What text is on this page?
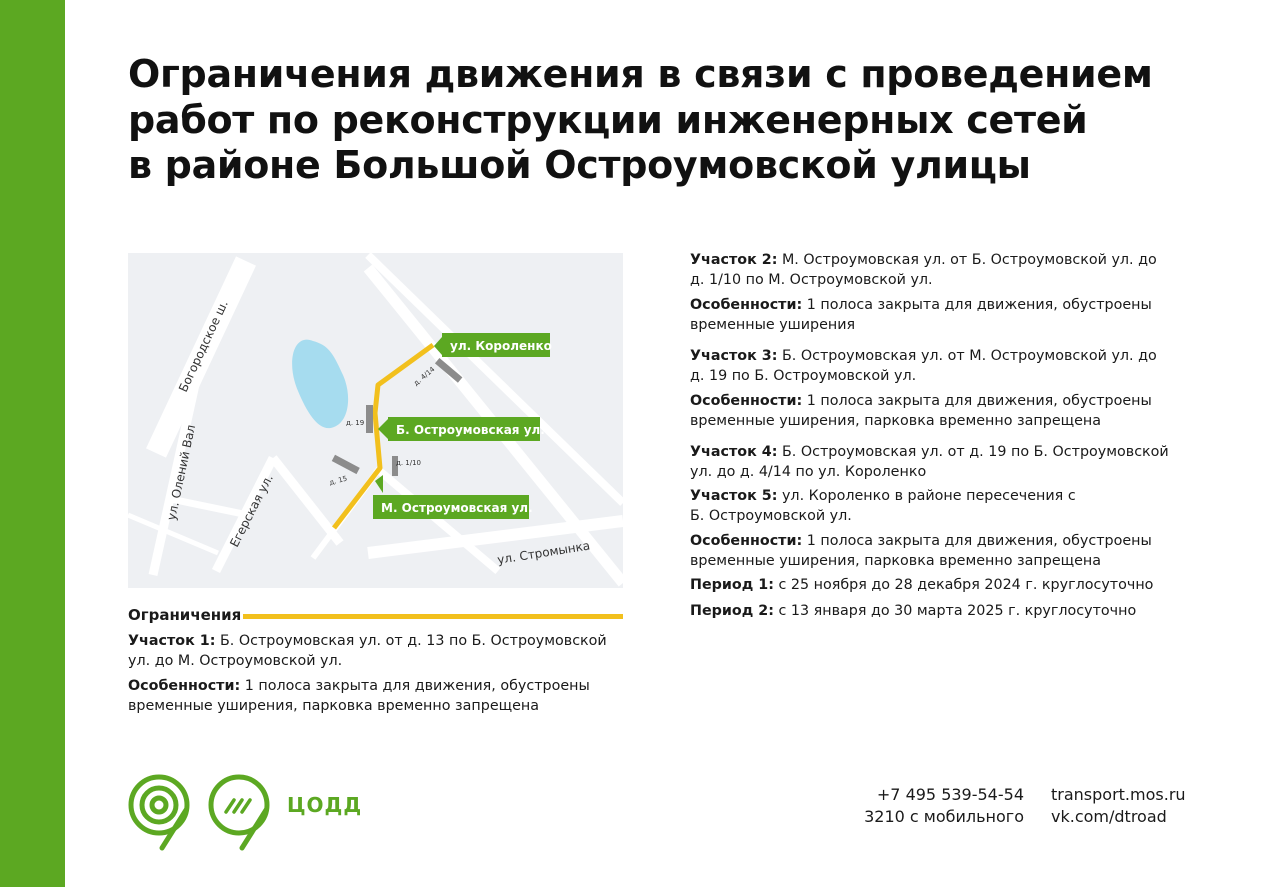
Ограничения движения в связи с проведением
работ по реконструкции инженерных сетей
в районе Большой Остроумовской улицы
Богородское ш.
ул. Олений Вал Егерская ул.
ул. Стромынка
д. 4/14
д. 19
д. 1/10
д. 15
ул. Короленко
Б. Остроумовская ул.
М. Остроумовская ул.
Ограничения

Участок 1: Б. Остроумовская ул. от д. 13 по Б. Остроумовской ул. до М. Остроумовской ул.

Особенности: 1 полоса закрыта для движения, обустроены временные уширения, парковка временно запрещена

Участок 2: М. Остроумовская ул. от Б. Остроумовской ул. до д. 1/10 по М. Остроумовской ул.

Особенности: 1 полоса закрыта для движения, обустроены временные уширения

Участок 3: Б. Остроумовская ул. от М. Остроумовской ул. до д. 19 по Б. Остроумовской ул.

Особенности: 1 полоса закрыта для движения, обустроены временные уширения, парковка временно запрещена

Участок 4: Б. Остроумовская ул. от д. 19 по Б. Остроумовской ул. до д. 4/14 по ул. Короленко

Участок 5: ул. Короленко в районе пересечения с Б. Остроумовской ул.

Особенности: 1 полоса закрыта для движения, обустроены временные уширения, парковка временно запрещена

Период 1: с 25 ноября до 28 декабря 2024 г. круглосуточно

Период 2: с 13 января до 30 марта 2025 г. круглосуточно

ЦОДД	+7 495 539-54-54
3210 с мобильного
transport.mos.ru
vk.com/dtroad
